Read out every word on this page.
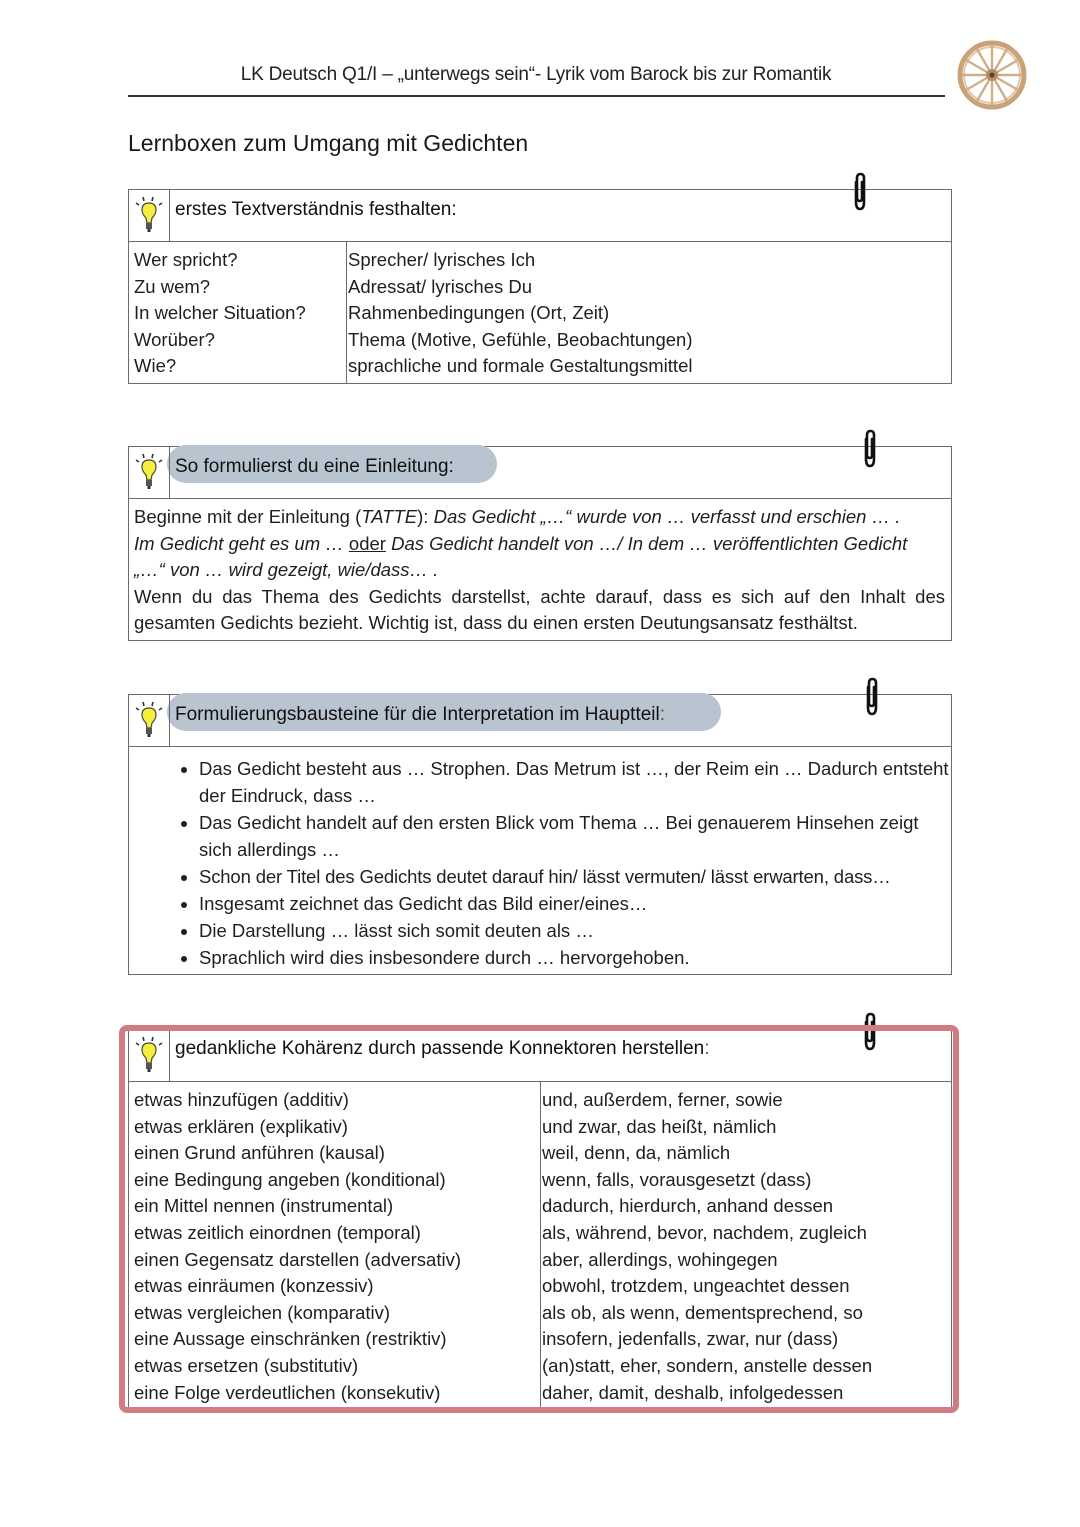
LK Deutsch Q1/I – „unterwegs sein“- Lyrik vom Barock bis zur Romantik
Lernboxen zum Umgang mit Gedichten
erstes Textverständnis festhalten:
Wer spricht?	Sprecher/ lyrisches Ich
Zu wem?	Adressat/ lyrisches Du
In welcher Situation?	Rahmenbedingungen (Ort, Zeit)
Worüber?	Thema (Motive, Gefühle, Beobachtungen)
Wie?	sprachliche und formale Gestaltungsmittel
So formulierst du eine Einleitung:
Beginne mit der Einleitung (TATTE): Das Gedicht „…“ wurde von … verfasst und erschien … .
Im Gedicht geht es um … oder Das Gedicht handelt von …/ In dem … veröffentlichten Gedicht
„…“ von … wird gezeigt, wie/dass… .
Wenn du das Thema des Gedichts darstellst, achte darauf, dass es sich auf den Inhalt des
gesamten Gedichts bezieht. Wichtig ist, dass du einen ersten Deutungsansatz festhältst.
Formulierungsbausteine für die Interpretation im Hauptteil:
• Das Gedicht besteht aus … Strophen. Das Metrum ist …, der Reim ein … Dadurch entsteht der Eindruck, dass …
• Das Gedicht handelt auf den ersten Blick vom Thema … Bei genauerem Hinsehen zeigt sich allerdings …
• Schon der Titel des Gedichts deutet darauf hin/ lässt vermuten/ lässt erwarten, dass…
• Insgesamt zeichnet das Gedicht das Bild einer/eines…
• Die Darstellung … lässt sich somit deuten als …
• Sprachlich wird dies insbesondere durch … hervorgehoben.
gedankliche Kohärenz durch passende Konnektoren herstellen:
etwas hinzufügen (additiv)	und, außerdem, ferner, sowie
etwas erklären (explikativ)	und zwar, das heißt, nämlich
einen Grund anführen (kausal)	weil, denn, da, nämlich
eine Bedingung angeben (konditional)	wenn, falls, vorausgesetzt (dass)
ein Mittel nennen (instrumental)	dadurch, hierdurch, anhand dessen
etwas zeitlich einordnen (temporal)	als, während, bevor, nachdem, zugleich
einen Gegensatz darstellen (adversativ)	aber, allerdings, wohingegen
etwas einräumen (konzessiv)	obwohl, trotzdem, ungeachtet dessen
etwas vergleichen (komparativ)	als ob, als wenn, dementsprechend, so
eine Aussage einschränken (restriktiv)	insofern, jedenfalls, zwar, nur (dass)
etwas ersetzen (substitutiv)	(an)statt, eher, sondern, anstelle dessen
eine Folge verdeutlichen (konsekutiv)	daher, damit, deshalb, infolgedessen
